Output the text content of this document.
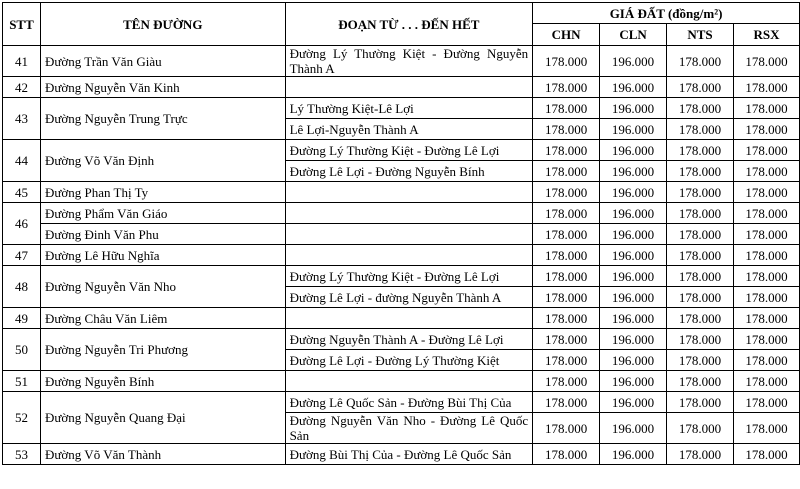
STT	TÊN ĐƯỜNG	ĐOẠN TỪ . . . ĐẾN HẾT	GIÁ ĐẤT (đồng/m²)			
			CHN	CLN	NTS	RSX
41	Đường Trần Văn Giàu	Đường Lý Thường Kiệt - Đường Nguyễn Thành A	178.000	196.000	178.000	178.000
42	Đường Nguyễn Văn Kinh		178.000	196.000	178.000	178.000
43	Đường Nguyễn Trung Trực	Lý Thường Kiệt-Lê Lợi	178.000	196.000	178.000	178.000
		Lê Lợi-Nguyễn Thành A	178.000	196.000	178.000	178.000
44	Đường Võ Văn Định	Đường Lý Thường Kiệt - Đường Lê Lợi	178.000	196.000	178.000	178.000
		Đường Lê Lợi - Đường Nguyễn Bính	178.000	196.000	178.000	178.000
45	Đường Phan Thị Ty		178.000	196.000	178.000	178.000
46	Đường Phẩm Văn Giáo		178.000	196.000	178.000	178.000
	Đường Đinh Văn Phu		178.000	196.000	178.000	178.000
47	Đường Lê Hữu Nghĩa		178.000	196.000	178.000	178.000
48	Đường Nguyễn Văn Nho	Đường Lý Thường Kiệt - Đường Lê Lợi	178.000	196.000	178.000	178.000
		Đường Lê Lợi - đường Nguyễn Thành A	178.000	196.000	178.000	178.000
49	Đường Châu Văn Liêm		178.000	196.000	178.000	178.000
50	Đường Nguyễn Tri Phương	Đường Nguyễn Thành A - Đường Lê Lợi	178.000	196.000	178.000	178.000
		Đường Lê Lợi - Đường Lý Thường Kiệt	178.000	196.000	178.000	178.000
51	Đường Nguyễn Bính		178.000	196.000	178.000	178.000
52	Đường Nguyễn Quang Đại	Đường Lê Quốc Sản - Đường Bùi Thị Của	178.000	196.000	178.000	178.000
		Đường Nguyễn Văn Nho - Đường Lê Quốc Sản	178.000	196.000	178.000	178.000
53	Đường Võ Văn Thành	Đường Bùi Thị Của - Đường Lê Quốc Sản	178.000	196.000	178.000	178.000
